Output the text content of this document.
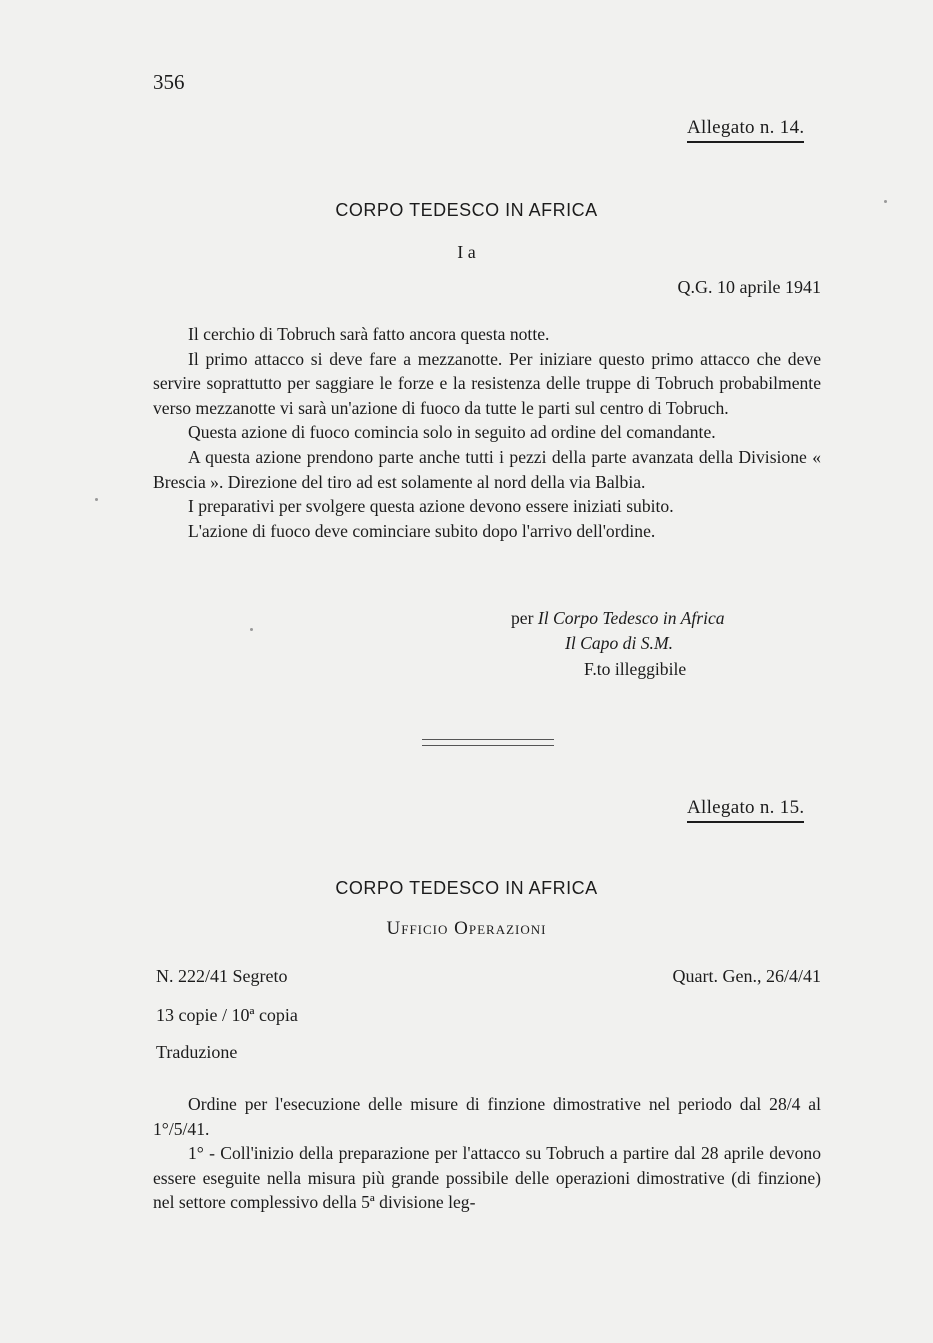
356
Allegato n. 14.
CORPO TEDESCO IN AFRICA
I a
Q.G. 10 aprile 1941

Il cerchio di Tobruch sarà fatto ancora questa notte.

Il primo attacco si deve fare a mezzanotte. Per iniziare questo primo attacco che deve servire soprattutto per saggiare le forze e la resistenza delle truppe di Tobruch probabilmente verso mezzanotte vi sarà un'azione di fuoco da tutte le parti sul centro di Tobruch.

Questa azione di fuoco comincia solo in seguito ad ordine del comandante.

A questa azione prendono parte anche tutti i pezzi della parte avanzata della Divisione « Brescia ». Direzione del tiro ad est solamente al nord della via Balbia.

I preparativi per svolgere questa azione devono essere iniziati subito.

L'azione di fuoco deve cominciare subito dopo l'arrivo dell'ordine.

per Il Corpo Tedesco in Africa
Il Capo di S.M.
F.to illeggibile
Allegato n. 15.
CORPO TEDESCO IN AFRICA
Ufficio Operazioni
N. 222/41 Segreto	Quart. Gen., 26/4/41
13 copie / 10ª copia
Traduzione

Ordine per l'esecuzione delle misure di finzione dimostrative nel periodo dal 28/4 al 1°/5/41.

1° - Coll'inizio della preparazione per l'attacco su Tobruch a partire dal 28 aprile devono essere eseguite nella misura più grande possibile delle operazioni dimostrative (di finzione) nel settore complessivo della 5ª divisione leg-
